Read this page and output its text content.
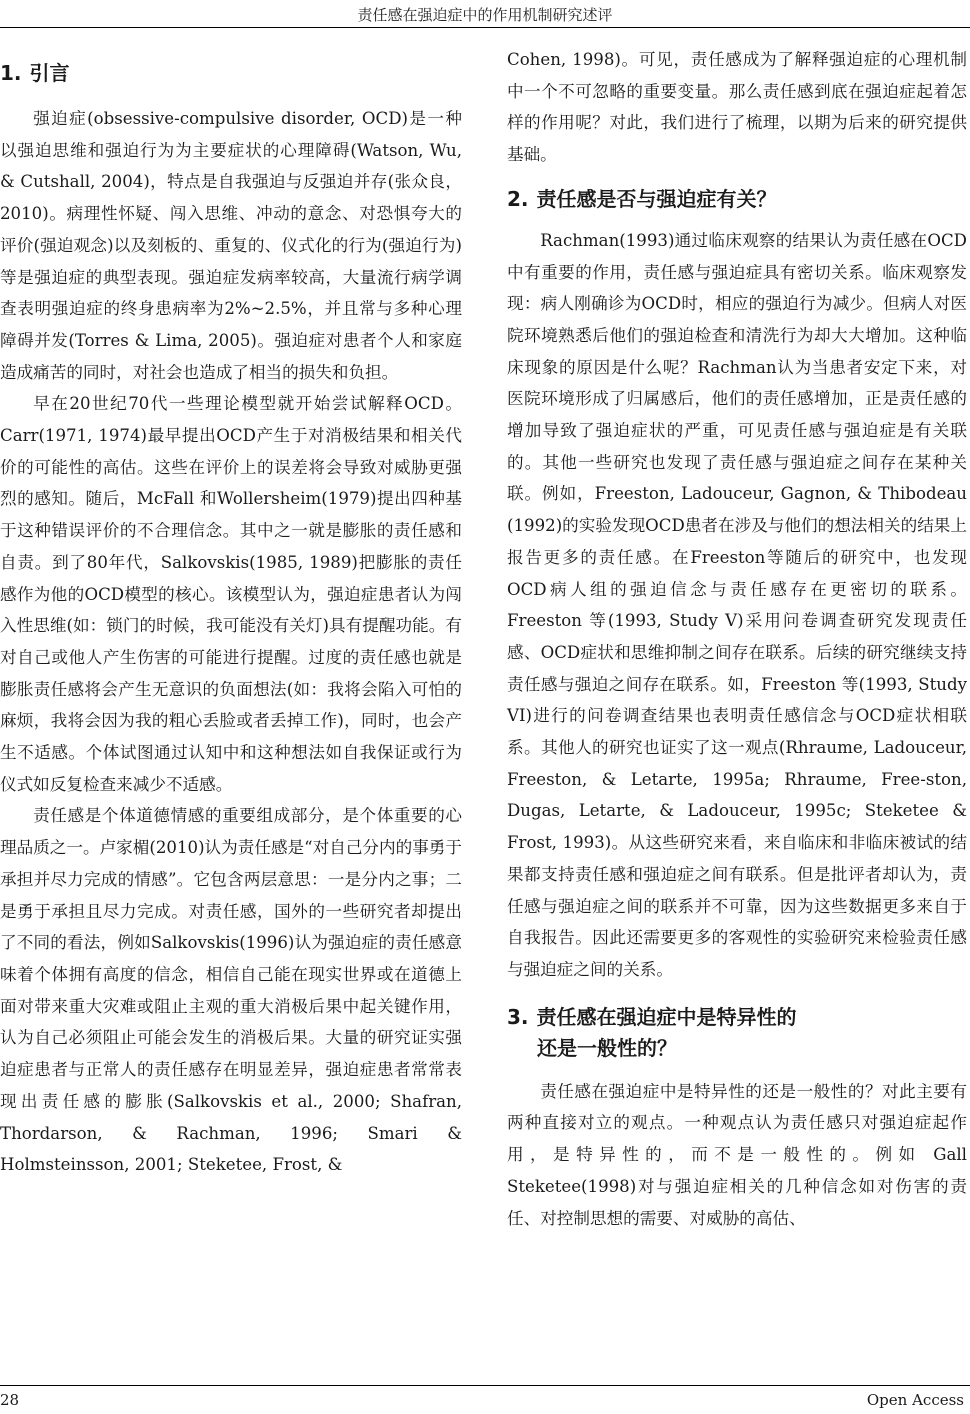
责任感在强迫症中的作用机制研究述评
1. 引言

强迫症(obsessive-compulsive disorder, OCD)是一种以强迫思维和强迫行为为主要症状的心理障碍(Watson, Wu, & Cutshall, 2004)，特点是自我强迫与反强迫并存(张众良，2010)。病理性怀疑、闯入思维、冲动的意念、对恐惧夸大的评价(强迫观念)以及刻板的、重复的、仪式化的行为(强迫行为)等是强迫症的典型表现。强迫症发病率较高，大量流行病学调查表明强迫症的终身患病率为2%~2.5%，并且常与多种心理障碍并发(Torres & Lima, 2005)。强迫症对患者个人和家庭造成痛苦的同时，对社会也造成了相当的损失和负担。

早在20世纪70代一些理论模型就开始尝试解释OCD。Carr(1971, 1974)最早提出OCD产生于对消极结果和相关代价的可能性的高估。这些在评价上的误差将会导致对威胁更强烈的感知。随后，McFall 和Wollersheim(1979)提出四种基于这种错误评价的不合理信念。其中之一就是膨胀的责任感和自责。到了80年代，Salkovskis(1985, 1989)把膨胀的责任感作为他的OCD模型的核心。该模型认为，强迫症患者认为闯入性思维(如：锁门的时候，我可能没有关灯)具有提醒功能。有对自己或他人产生伤害的可能进行提醒。过度的责任感也就是膨胀责任感将会产生无意识的负面想法(如：我将会陷入可怕的麻烦，我将会因为我的粗心丢脸或者丢掉工作)，同时，也会产生不适感。个体试图通过认知中和这种想法如自我保证或行为仪式如反复检查来减少不适感。

责任感是个体道德情感的重要组成部分，是个体重要的心理品质之一。卢家楣(2010)认为责任感是“对自己分内的事勇于承担并尽力完成的情感”。它包含两层意思：一是分内之事；二是勇于承担且尽力完成。对责任感，国外的一些研究者却提出了不同的看法，例如Salkovskis(1996)认为强迫症的责任感意味着个体拥有高度的信念，相信自己能在现实世界或在道德上面对带来重大灾难或阻止主观的重大消极后果中起关键作用，认为自己必须阻止可能会发生的消极后果。大量的研究证实强迫症患者与正常人的责任感存在明显差异，强迫症患者常常表现出责任感的膨胀(Salkovskis et al., 2000; Shafran, Thordarson, & Rachman, 1996; Smari & Holmsteinsson, 2001; Steketee, Frost, &

Cohen, 1998)。可见，责任感成为了解释强迫症的心理机制中一个不可忽略的重要变量。那么责任感到底在强迫症起着怎样的作用呢？对此，我们进行了梳理，以期为后来的研究提供基础。

2. 责任感是否与强迫症有关？

Rachman(1993)通过临床观察的结果认为责任感在OCD中有重要的作用，责任感与强迫症具有密切关系。临床观察发现：病人刚确诊为OCD时，相应的强迫行为减少。但病人对医院环境熟悉后他们的强迫检查和清洗行为却大大增加。这种临床现象的原因是什么呢？Rachman认为当患者安定下来，对医院环境形成了归属感后，他们的责任感增加，正是责任感的增加导致了强迫症状的严重，可见责任感与强迫症是有关联的。其他一些研究也发现了责任感与强迫症之间存在某种关联。例如，Freeston, Ladouceur, Gagnon, & Thibodeau (1992)的实验发现OCD患者在涉及与他们的想法相关的结果上报告更多的责任感。在Freeston等随后的研究中，也发现OCD病人组的强迫信念与责任感存在更密切的联系。Freeston 等(1993, Study V)采用问卷调查研究发现责任感、OCD症状和思维抑制之间存在联系。后续的研究继续支持责任感与强迫之间存在联系。如，Freeston 等(1993, Study VI)进行的问卷调查结果也表明责任感信念与OCD症状相联系。其他人的研究也证实了这一观点(Rhraume, Ladouceur, Freeston, & Letarte, 1995a; Rhraume, Free-ston, Dugas, Letarte, & Ladouceur, 1995c; Steketee & Frost, 1993)。从这些研究来看，来自临床和非临床被试的结果都支持责任感和强迫症之间有联系。但是批评者却认为，责任感与强迫症之间的联系并不可靠，因为这些数据更多来自于自我报告。因此还需要更多的客观性的实验研究来检验责任感与强迫症之间的关系。

3. 责任感在强迫症中是特异性的
还是一般性的？

责任感在强迫症中是特异性的还是一般性的？对此主要有两种直接对立的观点。一种观点认为责任感只对强迫症起作用，是特异性的，而不是一般性的。例如 Gall Steketee(1998)对与强迫症相关的几种信念如对伤害的责任、对控制思想的需要、对威胁的高估、

28	Open Access
